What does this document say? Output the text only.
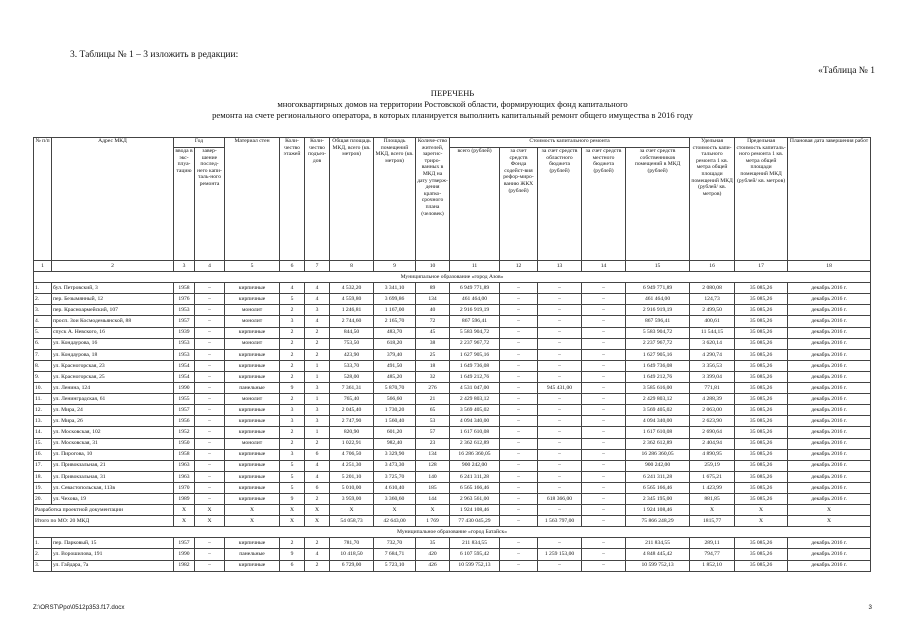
3. Таблицы № 1 – 3 изложить в редакции:
«Таблица № 1
ПЕРЕЧЕНЬ
многоквартирных домов на территории Ростовской области, формирующих фонд капитального
ремонта на счете регионального оператора, в которых планируется выполнить капитальный ремонт общего имущества в 2016 году
№ п/п	Адрес МКД	Год		Материал стен	Коли-чество этажей	Коли-чество подъез-дов	Общая площадь МКД, всего (кв. метров)	Площадь помещений МКД, всего (кв. метров)	Количе-ство жителей, зарегис-триро-ванных в МКД на дату утверж-дения кратко-срочного плана (человек)	Стоимость капитального ремонта					Удельная стоимость капи-тального ремонта 1 кв. метра общей площади помещений МКД (рублей/ кв. метров)	Предельная стоимость капиталь-ного ремонта 1 кв. метра общей площади помещений МКД (рублей/ кв. метров)	Плановая дата завершения работ
		ввода в экс-плуа-тацию	завер-шение послед-него капи-таль-ного ремонта							всего (рублей)	за счет средств Фонда содейст-вия рефор-миро-ванию ЖКХ (рублей)	за счет средств областного бюджета (рублей)	за счет средств местного бюджета (рублей)	за счет средств собственников помещений в МКД (рублей)			
1	2	3	4	5	6	7	8	9	10	11	12	13	14	15	16	17	18
Муниципальное образование «город Азов»																	
1.	бул. Петровский, 3	1958	–	кирпичные	4	4	4 532,20	3 341,10	89	6 949 771,89	–	–	–	6 949 771,89	2 080,08	35 085,26	декабрь 2016 г.
2.	пер. Безымянный, 12	1976	–	кирпичные	5	4	4 559,80	3 699,86	134	461 464,00	–	–	–	461 464,00	124,73	35 085,26	декабрь 2016 г.
3.	пер. Красноармейский, 107	1953	–	монолит	2	3	1 246,81	1 167,00	40	2 916 919,19	–	–	–	2 916 919,19	2 499,50	35 085,26	декабрь 2016 г.
4.	просп. Зои Космодемьянской, 88	1957	–	монолит	3	4	2 744,60	2 165,70	72	867 596,41	–	–	–	867 596,41	400,61	35 085,26	декабрь 2016 г.
5.	спуск А. Невского, 16	1939	–	кирпичные	2	2	844,50	483,70	45	5 583 904,72	–	–	–	5 583 904,72	11 544,15	35 085,26	декабрь 2016 г.
6.	ул. Кондаурова, 16	1953	–	монолит	2	2	753,50	618,20	38	2 237 967,72	–	–	–	2 237 967,72	3 620,14	35 085,26	декабрь 2016 г.
7.	ул. Кондаурова, 18	1953	–	кирпичные	2	2	423,90	379,40	25	1 627 905,16	–	–	–	1 627 905,16	4 290,74	35 085,26	декабрь 2016 г.
8.	ул. Красногорская, 23	1954	–	кирпичные	2	1	533,70	491,50	18	1 649 736,08	–	–	–	1 649 736,08	3 356,53	35 085,26	декабрь 2016 г.
9.	ул. Красногорская, 25	1954	–	кирпичные	2	1	528,00	485,20	32	1 649 212,76	–	–	–	1 649 212,76	3 399,04	35 085,26	декабрь 2016 г.
10.	ул. Ленина, 124	1990	–	панельные	9	3	7 361,31	5 870,70	276	4 531 047,00	–	945 431,00	–	3 585 616,00	771,81	35 085,26	декабрь 2016 г.
11.	ул. Ленинградская, 61	1955	–	монолит	2	1	765,40	566,60	21	2 429 803,12	–	–	–	2 429 803,12	4 288,39	35 085,26	декабрь 2016 г.
12.	ул. Мира, 24	1957	–	кирпичные	3	3	2 045,40	1 730,20	65	3 569 405,02	–	–	–	3 569 405,02	2 063,00	35 085,26	декабрь 2016 г.
13.	ул. Мира, 26	1956	–	кирпичные	3	3	2 747,90	1 560,40	53	4 094 340,00	–	–	–	4 094 340,00	2 623,90	35 085,26	декабрь 2016 г.
14.	ул. Московская, 102	1952	–	кирпичные	2	1	820,90	601,20	57	1 617 610,08	–	–	–	1 617 610,08	2 690,64	35 085,26	декабрь 2016 г.
15.	ул. Московская, 31	1950	–	монолит	2	2	1 022,91	982,40	23	2 362 612,89	–	–	–	2 362 612,89	2 404,94	35 085,26	декабрь 2016 г.
16.	ул. Пирогова, 10	1958	–	кирпичные	3	6	4 706,50	3 329,90	134	16 286 360,05	–	–	–	16 286 360,05	4 890,95	35 085,26	декабрь 2016 г.
17.	ул. Привокзальная, 21	1963	–	кирпичные	5	4	4 251,30	3 473,30	128	900 242,00	–	–	–	900 242,00	259,19	35 085,26	декабрь 2016 г.
18.	ул. Привокзальная, 31	1963	–	кирпичные	5	4	5 201,10	3 725,70	140	6 241 311,28	–	–	–	6 241 311,28	1 675,21	35 085,26	декабрь 2016 г.
19.	ул. Севастопольская, 113в	1970	–	кирпичные	5	6	5 010,00	4 610,40	185	6 565 166,46	–	–	–	6 565 166,46	1 423,99	35 085,26	декабрь 2016 г.
20.	ул. Чехова, 19	1989	–	кирпичные	9	2	3 959,00	3 360,60	144	2 963 561,00	–	618 366,00	–	2 345 195,00	881,85	35 085,26	декабрь 2016 г.
Разработка проектной документации		X	X	X	X	X	X	X	X	1 924 108,46	–	–	–	1 924 108,46	X	X	X
Итого по МО: 20 МКД		X	X	X	X	X	54 058,73	42 643,00	1 769	77 430 045,29	–	1 563 797,00	–	75 866 248,29	1815,77	X	X
Муниципальное образование «город Батайск»																	
1.	пер. Парковый, 15	1957	–	кирпичные	2	2	781,70	732,70	35	211 834,55	–	–	–	211 834,55	289,11	35 085,26	декабрь 2016 г.
2.	ул. Ворошилова, 191	1990	–	панельные	9	4	10 418,50	7 684,71	420	6 107 595,42	–	1 259 153,00	–	4 848 445,42	794,77	35 085,26	декабрь 2016 г.
3.	ул. Гайдара, 7а	1982	–	кирпичные	6	2	6 729,00	5 723,10	426	10 599 752,13	–	–	–	10 599 752,13	1 852,10	35 085,26	декабрь 2016 г.
Z:\ORST\Ppo\0512p353.f17.docx	3
